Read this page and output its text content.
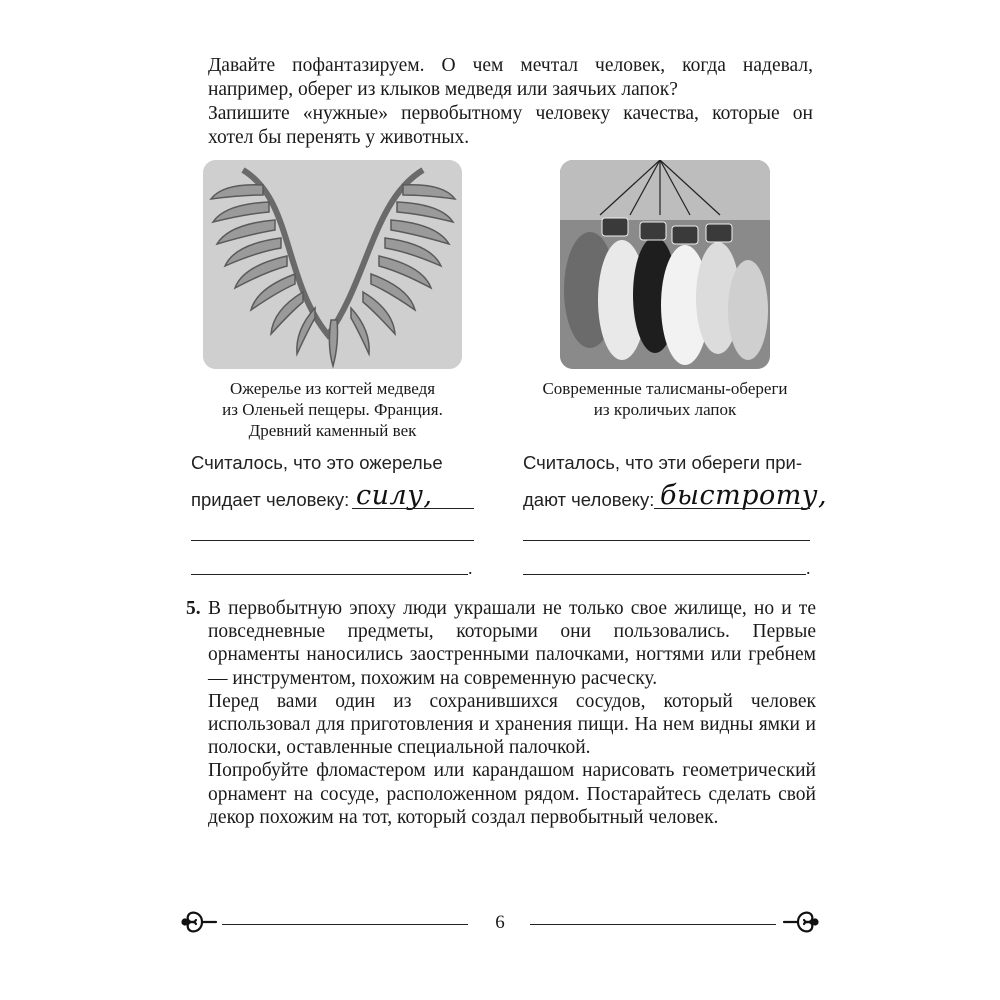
Давайте пофантазируем. О чем мечтал человек, когда надевал, например, оберег из клыков медведя или заячьих лапок?

Запишите «нужные» первобытному человеку качества, которые он хотел бы перенять у животных.

Ожерелье из когтей медведя
из Оленьей пещеры. Франция.
Древний каменный век
Современные талисманы-обереги
из кроличьих лапок
Считалось, что это ожерелье
придает человеку: силу,
.
Считалось, что эти обереги при-
дают человеку: быстроту,
.
5. В первобытную эпоху люди украшали не только свое жилище, но и те повседневные предметы, которыми они пользовались. Первые орнаменты наносились заостренными палочками, ногтями или гребнем — инструментом, похожим на современную расческу.

Перед вами один из сохранившихся сосудов, который человек использовал для приготовления и хранения пищи. На нем видны ямки и полоски, оставленные специальной палочкой.

Попробуйте фломастером или карандашом нарисовать геометрический орнамент на сосуде, расположенном рядом. Постарайтесь сделать свой декор похожим на тот, который создал первобытный человек.

6
